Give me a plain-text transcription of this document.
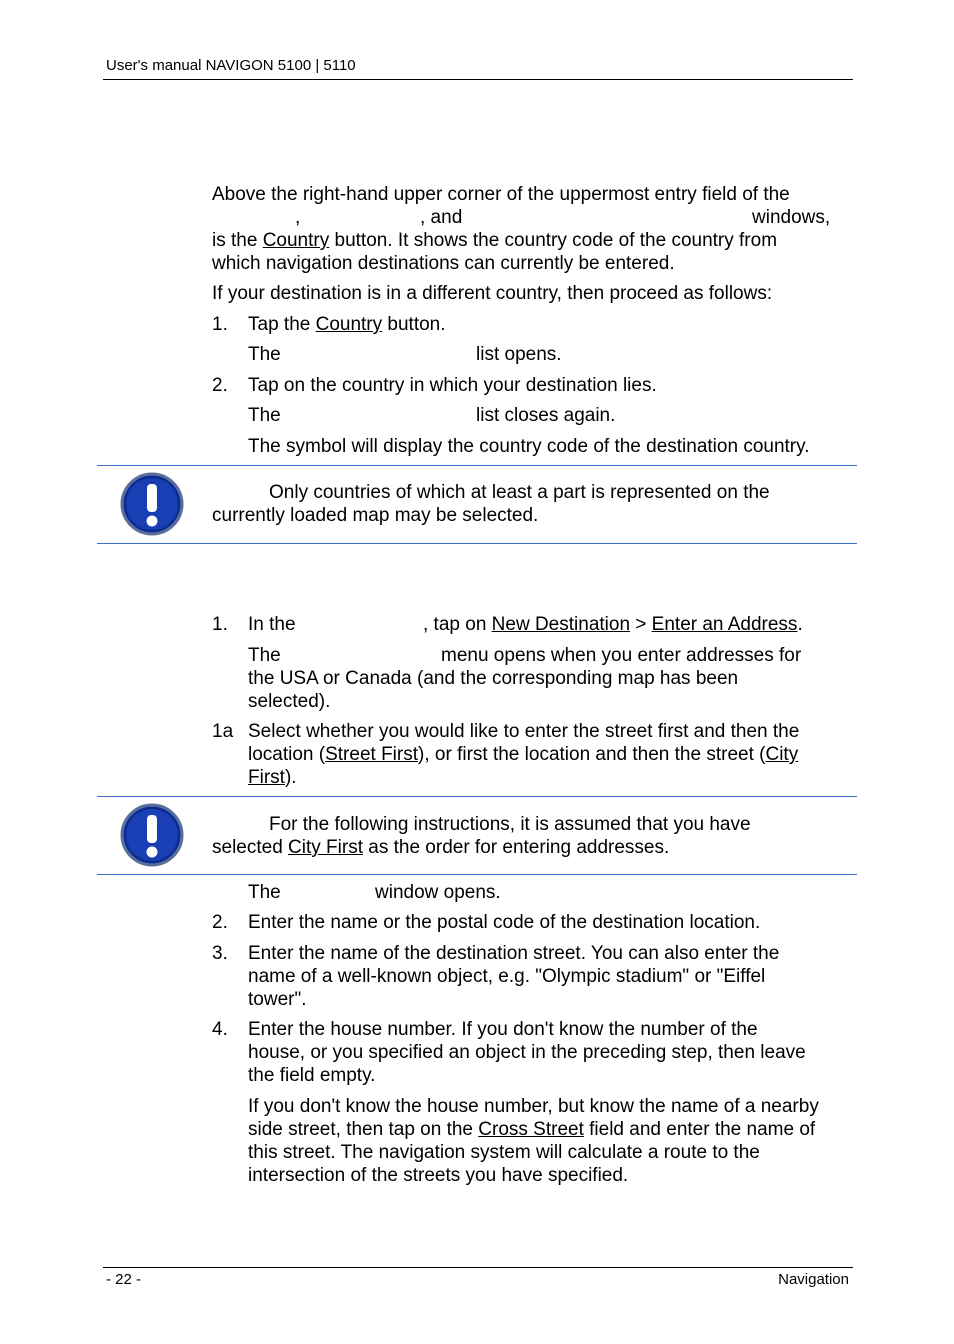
User's manual NAVIGON 5100 | 5110
Above the right-hand upper corner of the uppermost entry field of the
,	, and	windows,
is the Country button. It shows the country code of the country from
which navigation destinations can currently be entered.
If your destination is in a different country, then proceed as follows:
1. Tap the Country button.
The	list opens.
2. Tap on the country in which your destination lies.
The	list closes again.
The symbol will display the country code of the destination country.
Only countries of which at least a part is represented on the
currently loaded map may be selected.
1. In the	, tap on New Destination > Enter an Address.
The	menu opens when you enter addresses for
the USA or Canada (and the corresponding map has been
selected).
1a Select whether you would like to enter the street first and then the
location (Street First), or first the location and then the street (City
First).
For the following instructions, it is assumed that you have
selected City First as the order for entering addresses.
The	window opens.
2. Enter the name or the postal code of the destination location.
3. Enter the name of the destination street. You can also enter the
name of a well-known object, e.g. "Olympic stadium" or "Eiffel
tower".
4. Enter the house number. If you don't know the number of the
house, or you specified an object in the preceding step, then leave
the field empty.
If you don't know the house number, but know the name of a nearby
side street, then tap on the Cross Street field and enter the name of
this street. The navigation system will calculate a route to the
intersection of the streets you have specified.
- 22 -	Navigation
